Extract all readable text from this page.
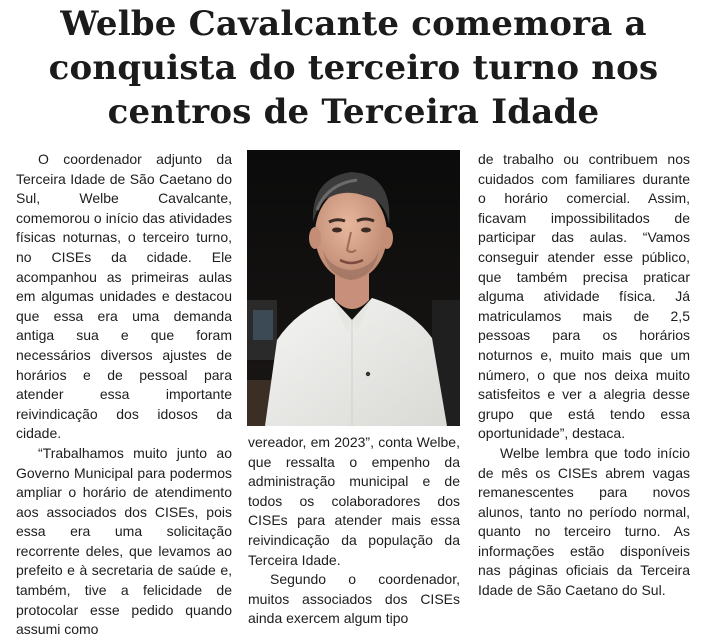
Welbe Cavalcante comemora a
conquista do terceiro turno nos
centros de Terceira Idade

O coordenador adjunto da Terceira Idade de São Caetano do Sul, Welbe Cavalcante, comemorou o início das atividades físicas noturnas, o terceiro turno, no CISEs da cidade. Ele acompanhou as primeiras aulas em algumas unidades e destacou que essa era uma demanda antiga sua e que foram necessários diversos ajustes de horários e de pessoal para atender essa importante reivindicação dos idosos da cidade.

“Trabalhamos muito junto ao Governo Municipal para podermos ampliar o horário de atendimento aos associados dos CISEs, pois essa era uma solicitação recorrente deles, que levamos ao prefeito e à secretaria de saúde e, também, tive a felicidade de protocolar esse pedido quando assumi como

vereador, em 2023”, conta Welbe, que ressalta o empenho da administração municipal e de todos os colaboradores dos CISEs para atender mais essa reivindicação da população da Terceira Idade.

Segundo o coordenador, muitos associados dos CISEs ainda exercem algum tipo

de trabalho ou contribuem nos cuidados com familiares durante o horário comercial. Assim, ficavam impossibilitados de participar das aulas. “Vamos conseguir atender esse público, que também precisa praticar alguma atividade física. Já matriculamos mais de 2,5 pessoas para os horários noturnos e, muito mais que um número, o que nos deixa muito satisfeitos e ver a alegria desse grupo que está tendo essa oportunidade”, destaca.

Welbe lembra que todo início de mês os CISEs abrem vagas remanescentes para novos alunos, tanto no período normal, quanto no terceiro turno. As informações estão disponíveis nas páginas oficiais da Terceira Idade de São Caetano do Sul.
